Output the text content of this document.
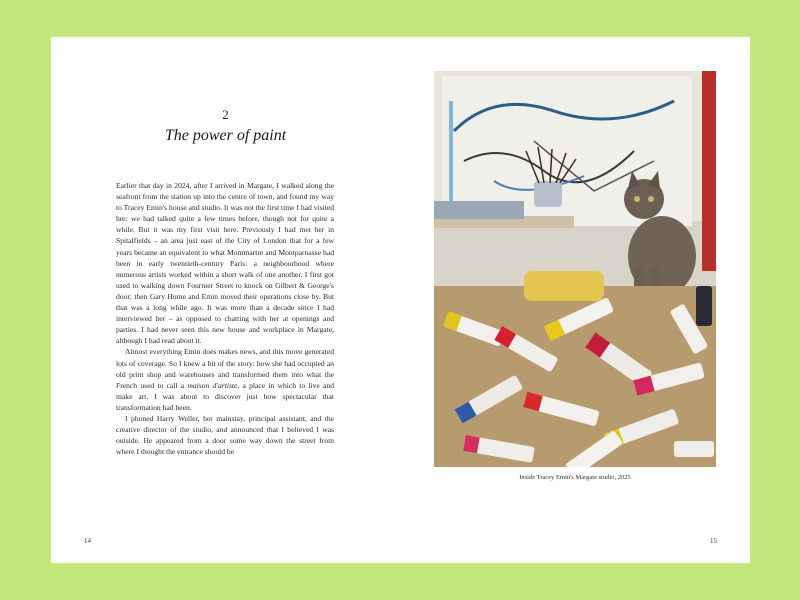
2
The power of paint

Earlier that day in 2024, after I arrived in Margate, I walked along the seafront from the station up into the centre of town, and found my way to Tracey Emin's house and studio. It was not the first time I had visited her: we had talked quite a few times before, though not for quite a while. But it was my first visit here. Previously I had met her in Spitalfields – an area just east of the City of London that for a few years became an equivalent to what Montmartre and Montparnasse had been in early twentieth-century Paris: a neighbourhood where numerous artists worked within a short walk of one another. I first got used to walking down Fournier Street to knock on Gilbert & George's door; then Gary Hume and Emin moved their operations close by. But that was a long while ago. It was more than a decade since I had interviewed her – as opposed to chatting with her at openings and parties. I had never seen this new house and workplace in Margate, although I had read about it.

Almost everything Emin does makes news, and this move generated lots of coverage. So I knew a bit of the story: how she had occupied an old print shop and warehouses and transformed them into what the French used to call a maison d'artiste, a place in which to live and make art. I was about to discover just how spectacular that transformation had been.

I phoned Harry Weller, her mainstay, principal assistant, and the creative director of the studio, and announced that I believed I was outside. He appeared from a door some way down the street from where I thought the entrance should be

14
Inside Tracey Emin's Margate studio, 2025
15
